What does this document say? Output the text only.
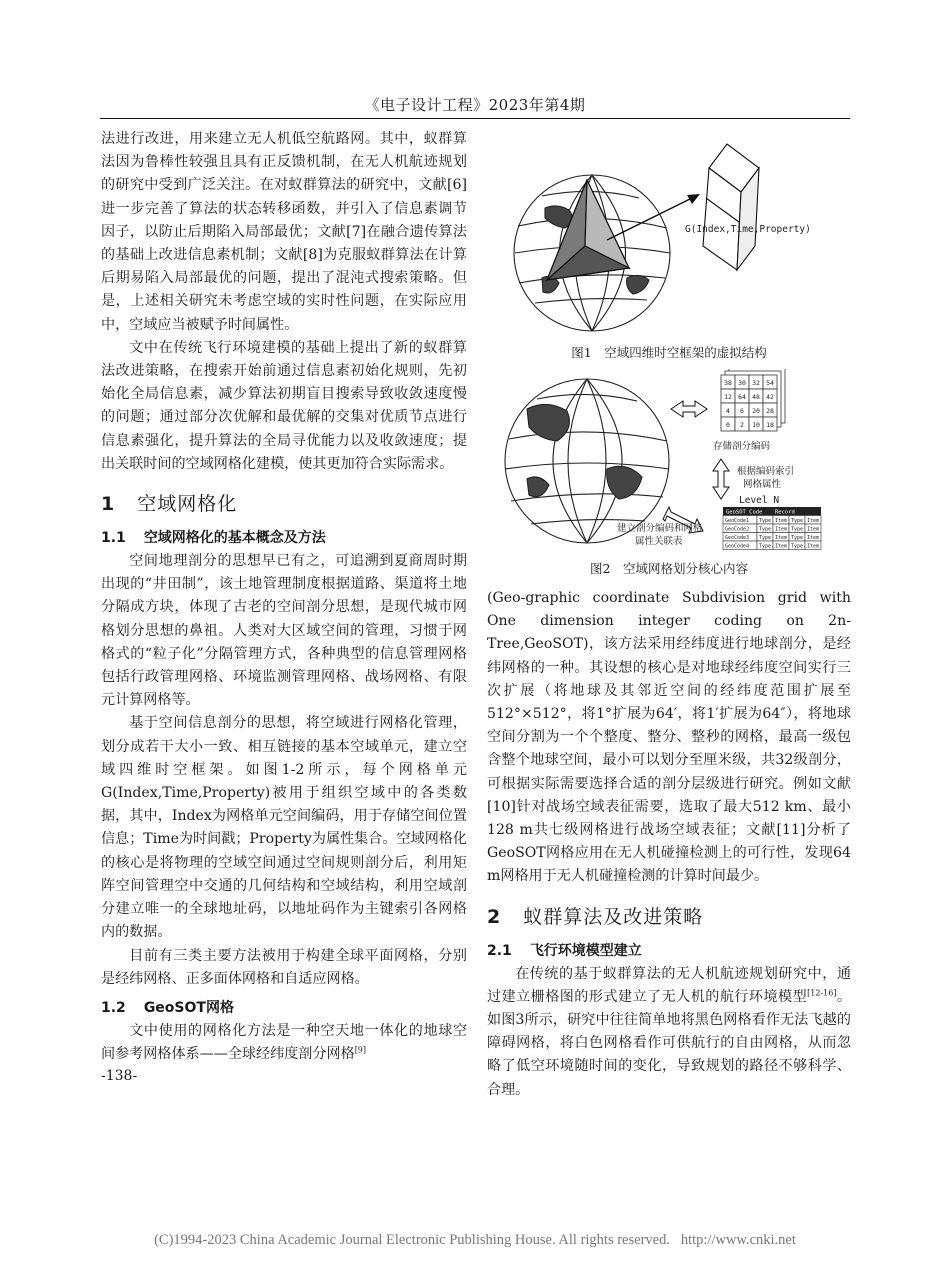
《电子设计工程》2023年第4期

法进行改进，用来建立无人机低空航路网。其中，蚁群算法因为鲁棒性较强且具有正反馈机制，在无人机航迹规划的研究中受到广泛关注。在对蚁群算法的研究中，文献[6]进一步完善了算法的状态转移函数，并引入了信息素调节因子，以防止后期陷入局部最优；文献[7]在融合遗传算法的基础上改进信息素机制；文献[8]为克服蚁群算法在计算后期易陷入局部最优的问题，提出了混沌式搜索策略。但是，上述相关研究未考虑空域的实时性问题，在实际应用中，空域应当被赋予时间属性。

文中在传统飞行环境建模的基础上提出了新的蚁群算法改进策略，在搜索开始前通过信息素初始化规则，先初始化全局信息素，减少算法初期盲目搜索导致收敛速度慢的问题；通过部分次优解和最优解的交集对优质节点进行信息素强化，提升算法的全局寻优能力以及收敛速度；提出关联时间的空域网格化建模，使其更加符合实际需求。

1 空域网格化
1.1 空域网格化的基本概念及方法

空间地理剖分的思想早已有之，可追溯到夏商周时期出现的“井田制”，该土地管理制度根据道路、渠道将土地分隔成方块，体现了古老的空间剖分思想，是现代城市网格划分思想的鼻祖。人类对大区域空间的管理，习惯于网格式的“粒子化”分隔管理方式，各种典型的信息管理网格包括行政管理网格、环境监测管理网格、战场网格、有限元计算网格等。

基于空间信息剖分的思想，将空域进行网格化管理，划分成若干大小一致、相互链接的基本空域单元，建立空域四维时空框架。如图1-2所示，每个网格单元G(Index,Time,Property)被用于组织空域中的各类数据，其中，Index为网格单元空间编码，用于存储空间位置信息；Time为时间戳；Property为属性集合。空域网格化的核心是将物理的空域空间通过空间规则剖分后，利用矩阵空间管理空中交通的几何结构和空域结构，利用空域剖分建立唯一的全球地址码，以地址码作为主键索引各网格内的数据。

目前有三类主要方法被用于构建全球平面网格，分别是经纬网格、正多面体网格和自适应网格。

1.2 GeoSOT网格

文中使用的网格化方法是一种空天地一体化的地球空间参考网格体系——全球经纬度剖分网格[9]

-138-
G(Index,Time,Property)

图1　空域四维时空框架的虚拟结构

38 30 32 54
12 64 48 42
4 6 20 28
0 2 10 18
存储剖分编码
根据编码索引
网格属性
Level N
GeoSOT Code Record
GeoCode1 Type Item Type Item
GeoCode2 Type Item Type Item
GeoCode3 Type Item Type Item
GeoCode4 Type Item Type Item
建立剖分编码和网格
属性关联表

图2　空域网格划分核心内容

(Geo-graphic coordinate Subdivision grid with One dimension integer coding on 2n-Tree,GeoSOT)，该方法采用经纬度进行地球剖分，是经纬网格的一种。其设想的核心是对地球经纬度空间实行三次扩展（将地球及其邻近空间的经纬度范围扩展至512°×512°，将1°扩展为64′，将1′扩展为64″），将地球空间分割为一个个整度、整分、整秒的网格，最高一级包含整个地球空间，最小可以划分至厘米级，共32级剖分，可根据实际需要选择合适的剖分层级进行研究。例如文献[10]针对战场空域表征需要，选取了最大512 km、最小128 m共七级网格进行战场空域表征；文献[11]分析了GeoSOT网格应用在无人机碰撞检测上的可行性，发现64 m网格用于无人机碰撞检测的计算时间最少。

2 蚁群算法及改进策略
2.1 飞行环境模型建立

在传统的基于蚁群算法的无人机航迹规划研究中，通过建立栅格图的形式建立了无人机的航行环境模型[12-16]。如图3所示，研究中往往简单地将黑色网格看作无法飞越的障碍网格，将白色网格看作可供航行的自由网格，从而忽略了低空环境随时间的变化，导致规划的路径不够科学、合理。

(C)1994-2023 China Academic Journal Electronic Publishing House. All rights reserved. http://www.cnki.net
